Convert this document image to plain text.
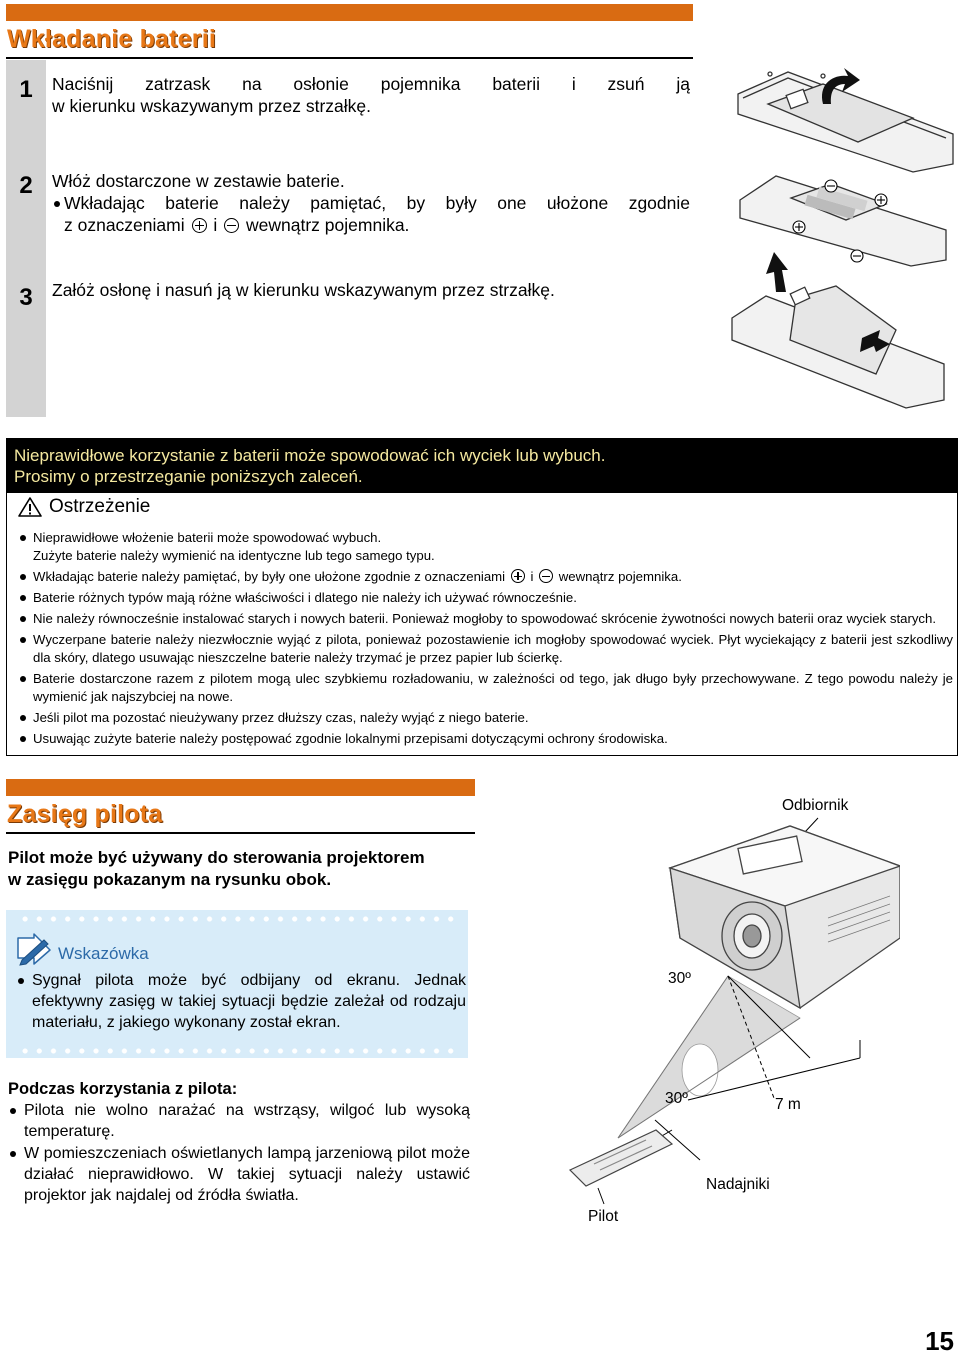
Wkładanie baterii
1	Naciśnij zatrzask na osłonie pojemnika baterii i zsuń ją
w kierunku wskazywanym przez strzałkę.
2	Włóż dostarczone w zestawie baterie.
Wkładając baterie należy pamiętać, by były one ułożone zgodnie
z oznaczeniami i wewnątrz pojemnika.
3	Załóż osłonę i nasuń ją w kierunku wskazywanym przez strzałkę.
Nieprawidłowe korzystanie z baterii może spowodować ich wyciek lub wybuch.
Prosimy o przestrzeganie poniższych zaleceń.
Ostrzeżenie
Nieprawidłowe włożenie baterii może spowodować wybuch.
Zużyte baterie należy wymienić na identyczne lub tego samego typu.
Wkładając baterie należy pamiętać, by były one ułożone zgodnie z oznaczeniami i wewnątrz pojemnika.
Baterie różnych typów mają różne właściwości i dlatego nie należy ich używać równocześnie.
Nie należy równocześnie instalować starych i nowych baterii. Ponieważ mogłoby to spowodować skrócenie żywotności nowych baterii oraz wyciek starych.
Wyczerpane baterie należy niezwłocznie wyjąć z pilota, ponieważ pozostawienie ich mogłoby spowodować wyciek. Płyt wyciekający z baterii jest szkodliwy dla skóry, dlatego usuwając nieszczelne baterie należy trzymać je przez papier lub ścierkę.
Baterie dostarczone razem z pilotem mogą ulec szybkiemu rozładowaniu, w zależności od tego, jak długo były przechowywane. Z tego powodu należy je wymienić jak najszybciej na nowe.
Jeśli pilot ma pozostać nieużywany przez dłuższy czas, należy wyjąć z niego baterie.
Usuwając zużyte baterie należy postępować zgodnie lokalnymi przepisami dotyczącymi ochrony środowiska.
Zasięg pilota
Pilot może być używany do sterowania projektorem
w zasięgu pokazanym na rysunku obok.
Wskazówka
Sygnał pilota może być odbijany od ekranu. Jednak efektywny zasięg w takiej sytuacji będzie zależał od rodzaju materiału, z jakiego wykonany został ekran.
Podczas korzystania z pilota:
Pilota nie wolno narażać na wstrząsy, wilgoć lub wysoką temperaturę.
W pomieszczeniach oświetlanych lampą jarzeniową pilot może działać nieprawidłowo. W takiej sytuacji należy ustawić projektor jak najdalej od źródła światła.
Odbiornik
30º
30º	7 m
Nadajniki
Pilot
15
